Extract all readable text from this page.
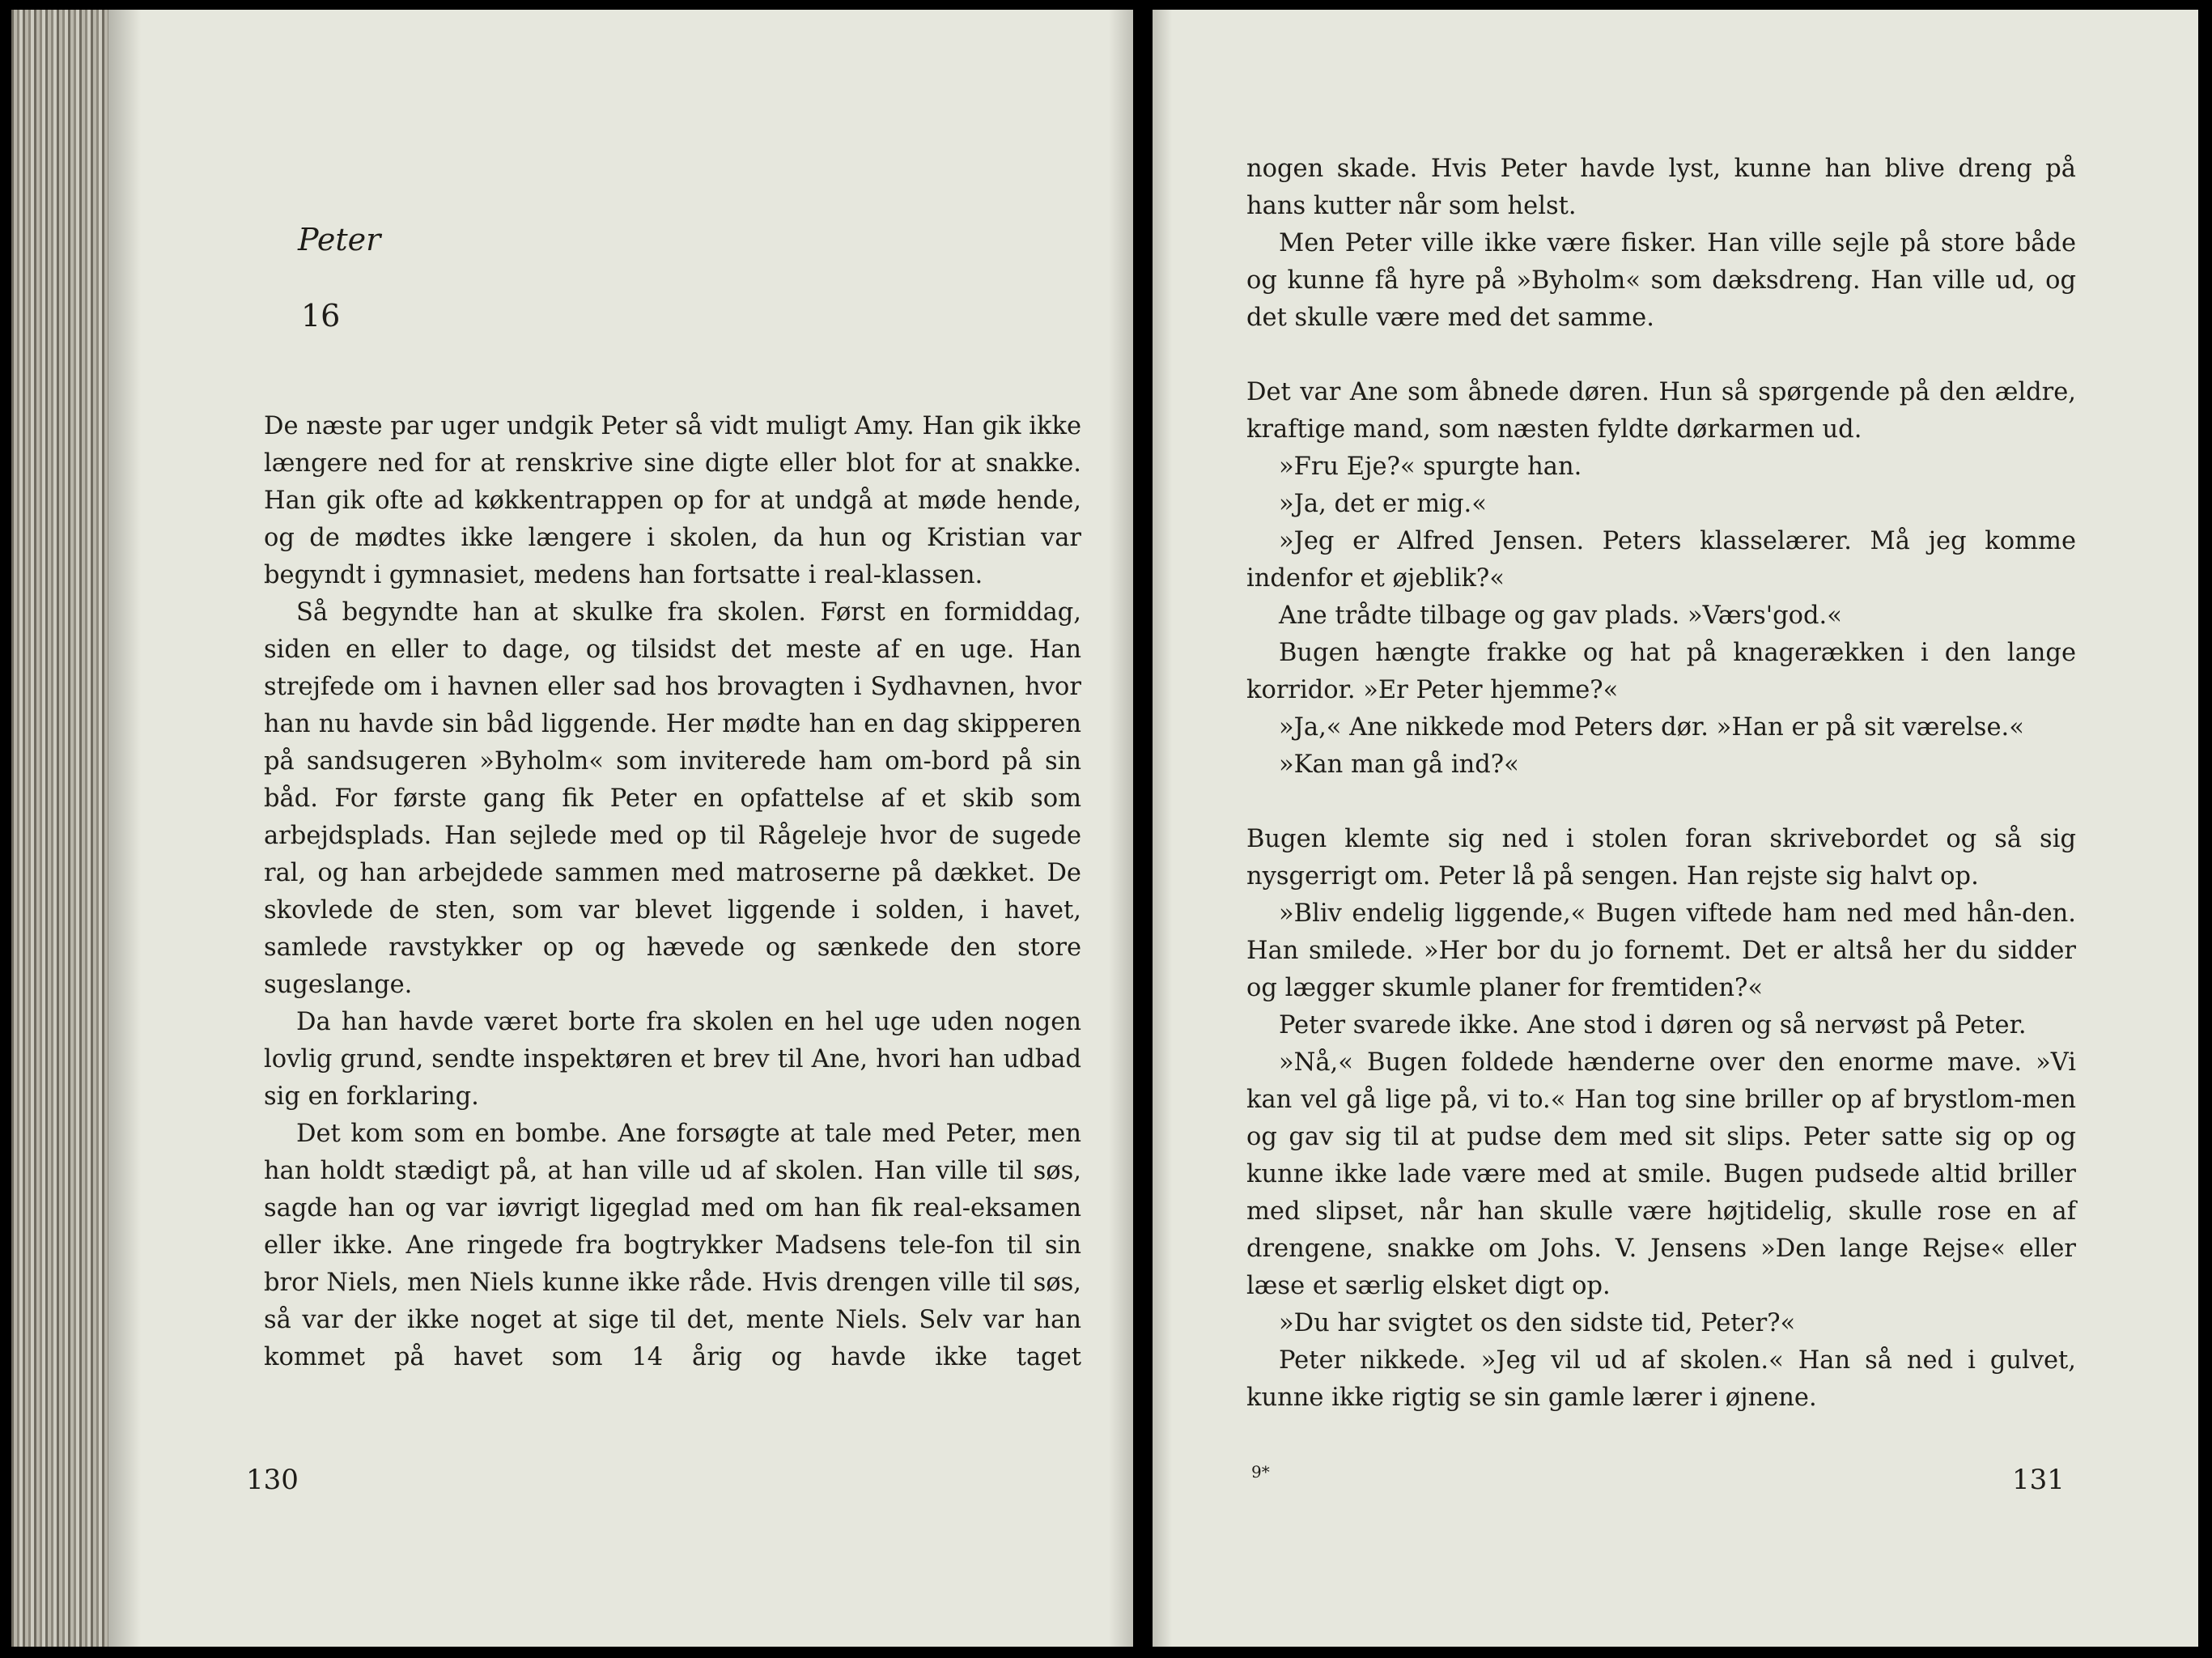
Peter
16

De næste par uger undgik Peter så vidt muligt Amy. Han gik ikke længere ned for at renskrive sine digte eller blot for at snakke. Han gik ofte ad køkkentrappen op for at undgå at møde hende, og de mødtes ikke længere i skolen, da hun og Kristian var begyndt i gymnasiet, medens han fortsatte i real-klassen.

Så begyndte han at skulke fra skolen. Først en formiddag, siden en eller to dage, og tilsidst det meste af en uge. Han strejfede om i havnen eller sad hos brovagten i Sydhavnen, hvor han nu havde sin båd liggende. Her mødte han en dag skipperen på sandsugeren »Byholm« som inviterede ham om-bord på sin båd. For første gang fik Peter en opfattelse af et skib som arbejdsplads. Han sejlede med op til Rågeleje hvor de sugede ral, og han arbejdede sammen med matroserne på dækket. De skovlede de sten, som var blevet liggende i solden, i havet, samlede ravstykker op og hævede og sænkede den store sugeslange.

Da han havde været borte fra skolen en hel uge uden nogen lovlig grund, sendte inspektøren et brev til Ane, hvori han udbad sig en forklaring.

Det kom som en bombe. Ane forsøgte at tale med Peter, men han holdt stædigt på, at han ville ud af skolen. Han ville til søs, sagde han og var iøvrigt ligeglad med om han fik real-eksamen eller ikke. Ane ringede fra bogtrykker Madsens tele-fon til sin bror Niels, men Niels kunne ikke råde. Hvis drengen ville til søs, så var der ikke noget at sige til det, mente Niels. Selv var han kommet på havet som 14 årig og havde ikke taget

130

nogen skade. Hvis Peter havde lyst, kunne han blive dreng på hans kutter når som helst.

Men Peter ville ikke være fisker. Han ville sejle på store både og kunne få hyre på »Byholm« som dæksdreng. Han ville ud, og det skulle være med det samme.

Det var Ane som åbnede døren. Hun så spørgende på den ældre, kraftige mand, som næsten fyldte dørkarmen ud.

»Fru Eje?« spurgte han.

»Ja, det er mig.«

»Jeg er Alfred Jensen. Peters klasselærer. Må jeg komme indenfor et øjeblik?«

Ane trådte tilbage og gav plads. »Værs'god.«

Bugen hængte frakke og hat på knagerækken i den lange korridor. »Er Peter hjemme?«

»Ja,« Ane nikkede mod Peters dør. »Han er på sit værelse.«

»Kan man gå ind?«

Bugen klemte sig ned i stolen foran skrivebordet og så sig nysgerrigt om. Peter lå på sengen. Han rejste sig halvt op.

»Bliv endelig liggende,« Bugen viftede ham ned med hån-den. Han smilede. »Her bor du jo fornemt. Det er altså her du sidder og lægger skumle planer for fremtiden?«

Peter svarede ikke. Ane stod i døren og så nervøst på Peter.

»Nå,« Bugen foldede hænderne over den enorme mave. »Vi kan vel gå lige på, vi to.« Han tog sine briller op af brystlom-men og gav sig til at pudse dem med sit slips. Peter satte sig op og kunne ikke lade være med at smile. Bugen pudsede altid briller med slipset, når han skulle være højtidelig, skulle rose en af drengene, snakke om Johs. V. Jensens »Den lange Rejse« eller læse et særlig elsket digt op.

»Du har svigtet os den sidste tid, Peter?«

Peter nikkede. »Jeg vil ud af skolen.« Han så ned i gulvet, kunne ikke rigtig se sin gamle lærer i øjnene.

9*	131
